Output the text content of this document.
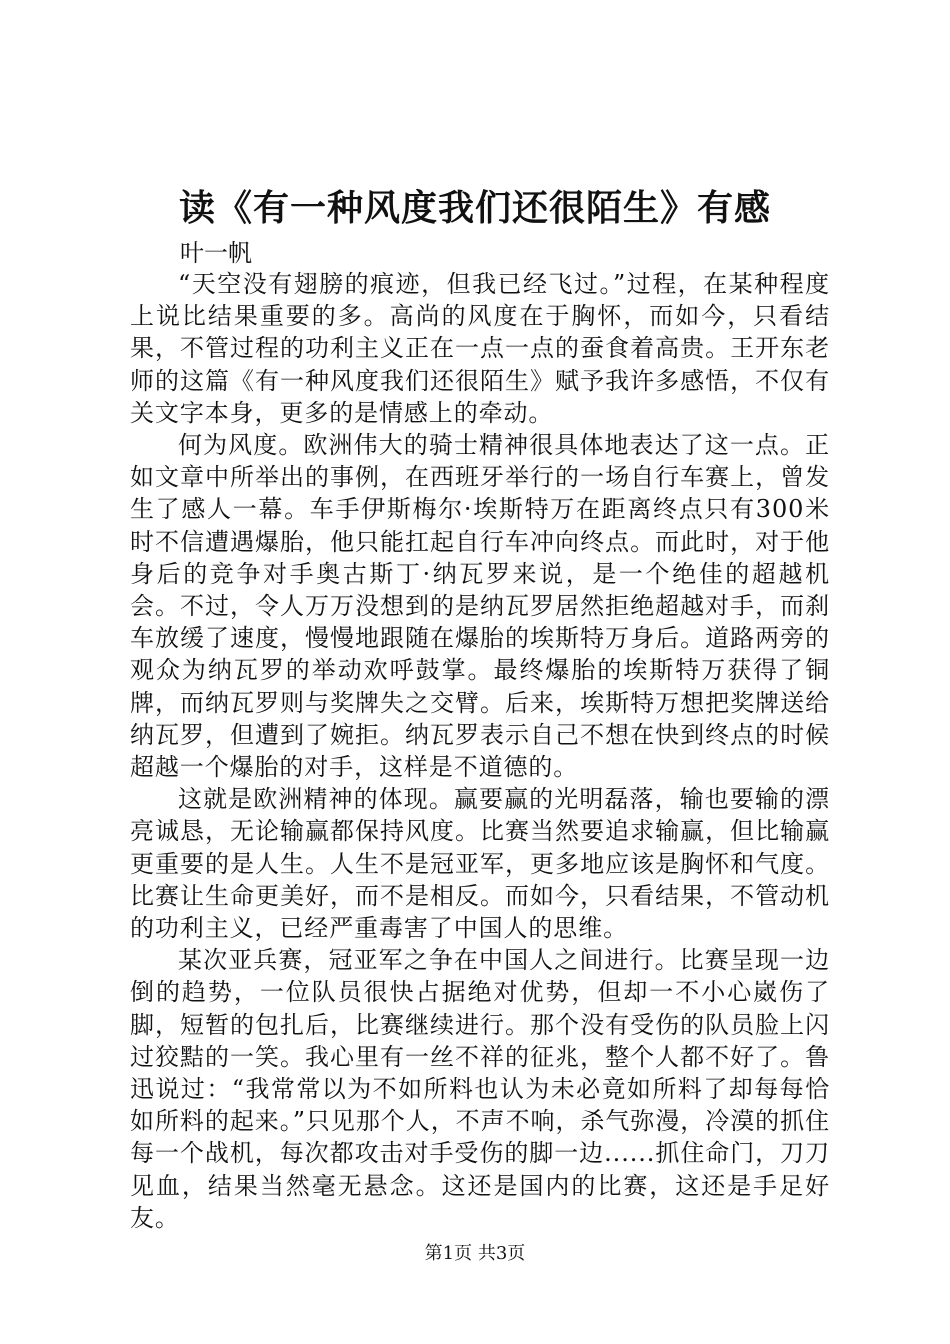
读《有一种风度我们还很陌生》有感

叶一帆

“天空没有翅膀的痕迹，但我已经飞过。”过程，在某种程度上说比结果重要的多。高尚的风度在于胸怀，而如今，只看结果，不管过程的功利主义正在一点一点的蚕食着高贵。王开东老师的这篇《有一种风度我们还很陌生》赋予我许多感悟，不仅有关文字本身，更多的是情感上的牵动。

何为风度。欧洲伟大的骑士精神很具体地表达了这一点。正如文章中所举出的事例，在西班牙举行的一场自行车赛上，曾发生了感人一幕。车手伊斯梅尔·埃斯特万在距离终点只有300米时不信遭遇爆胎，他只能扛起自行车冲向终点。而此时，对于他身后的竞争对手奥古斯丁·纳瓦罗来说，是一个绝佳的超越机会。不过，令人万万没想到的是纳瓦罗居然拒绝超越对手，而刹车放缓了速度，慢慢地跟随在爆胎的埃斯特万身后。道路两旁的观众为纳瓦罗的举动欢呼鼓掌。最终爆胎的埃斯特万获得了铜牌，而纳瓦罗则与奖牌失之交臂。后来，埃斯特万想把奖牌送给纳瓦罗，但遭到了婉拒。纳瓦罗表示自己不想在快到终点的时候超越一个爆胎的对手，这样是不道德的。

这就是欧洲精神的体现。赢要赢的光明磊落，输也要输的漂亮诚恳，无论输赢都保持风度。比赛当然要追求输赢，但比输赢更重要的是人生。人生不是冠亚军，更多地应该是胸怀和气度。比赛让生命更美好，而不是相反。而如今，只看结果，不管动机的功利主义，已经严重毒害了中国人的思维。

某次亚兵赛，冠亚军之争在中国人之间进行。比赛呈现一边倒的趋势，一位队员很快占据绝对优势，但却一不小心崴伤了脚，短暂的包扎后，比赛继续进行。那个没有受伤的队员脸上闪过狡黠的一笑。我心里有一丝不祥的征兆，整个人都不好了。鲁迅说过：“我常常以为不如所料也认为未必竟如所料了却每每恰如所料的起来。”只见那个人，不声不响，杀气弥漫，冷漠的抓住每一个战机，每次都攻击对手受伤的脚一边......抓住命门，刀刀见血，结果当然毫无悬念。这还是国内的比赛，这还是手足好友。

第1页 共3页
